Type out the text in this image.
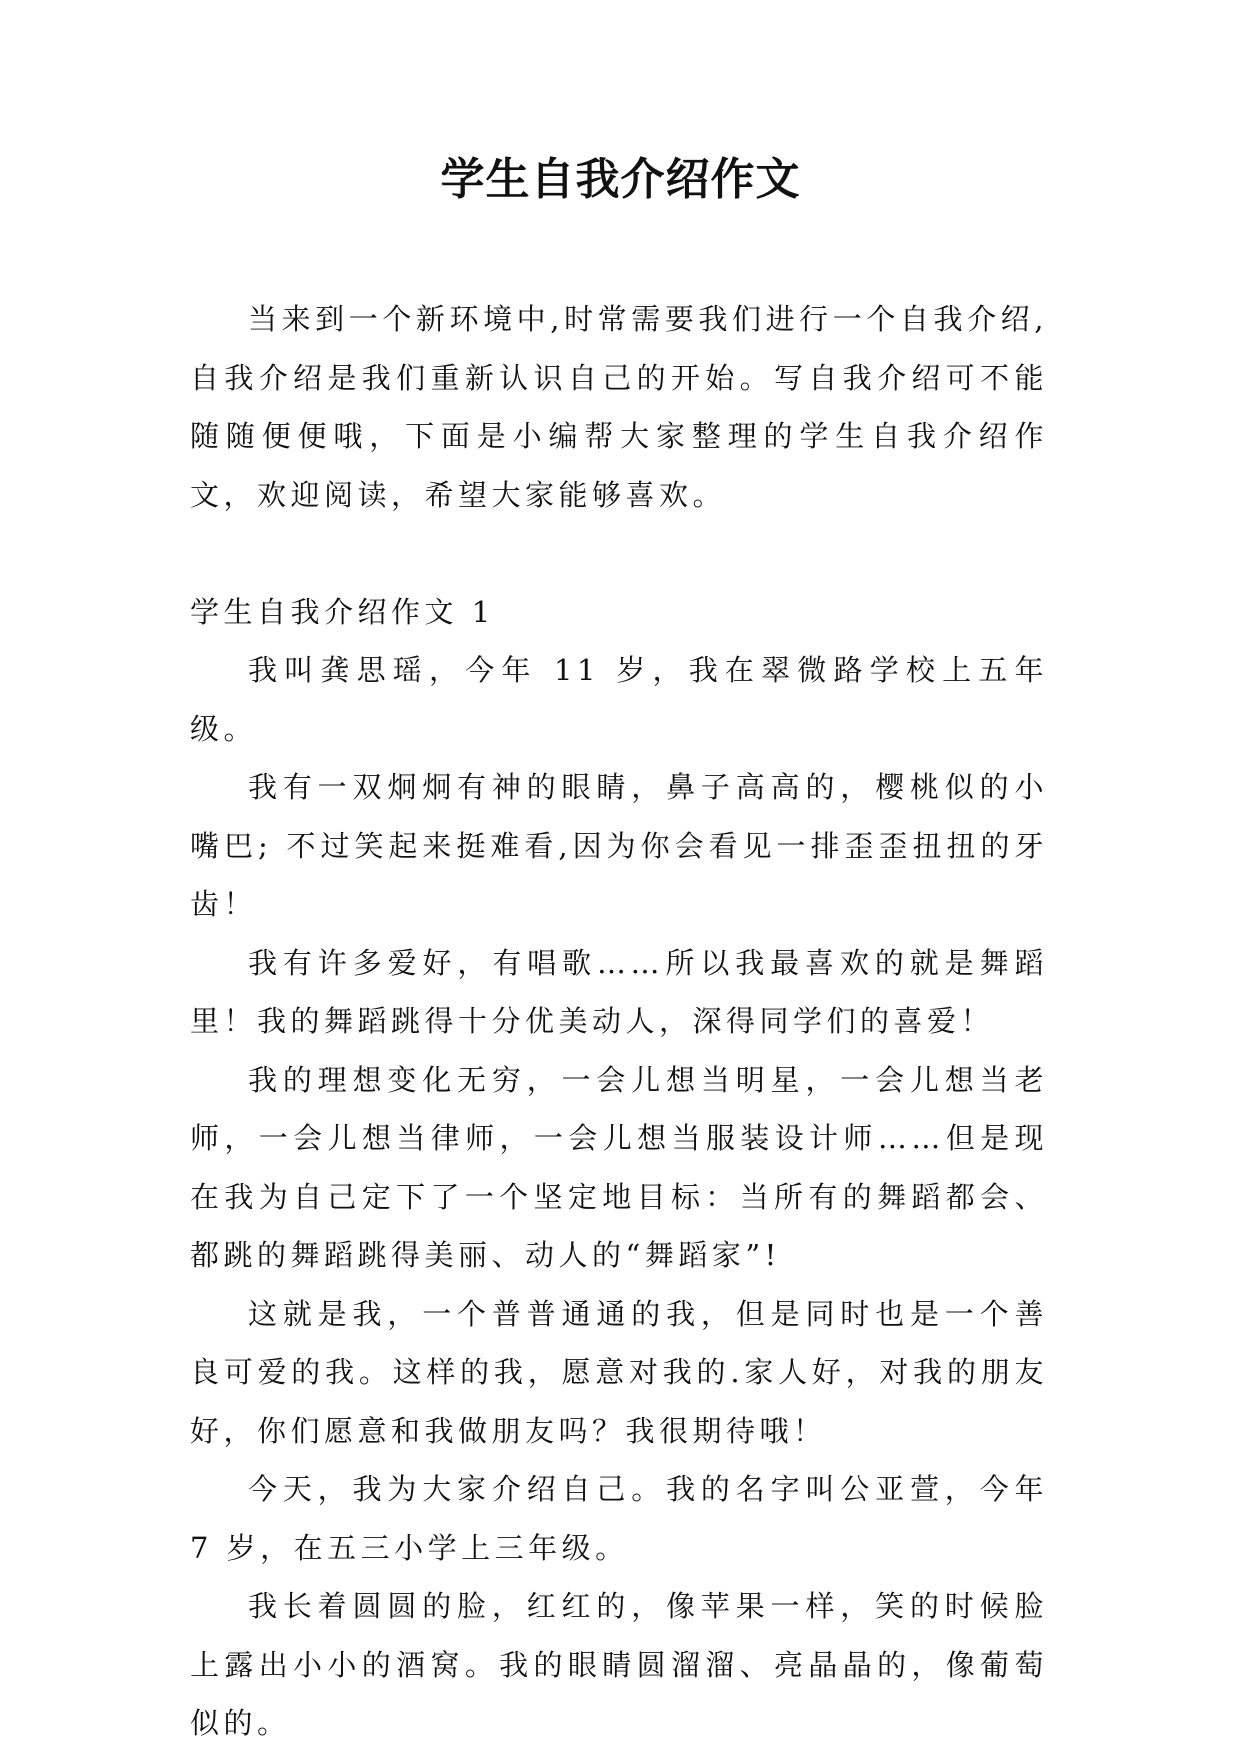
学生自我介绍作文

当来到一个新环境中,时常需要我们进行一个自我介绍,自我介绍是我们重新认识自己的开始。写自我介绍可不能随随便便哦，下面是小编帮大家整理的学生自我介绍作文，欢迎阅读，希望大家能够喜欢。

学生自我介绍作文 1

我叫龚思瑶，今年 11 岁，我在翠微路学校上五年级。

我有一双炯炯有神的眼睛，鼻子高高的，樱桃似的小嘴巴; 不过笑起来挺难看,因为你会看见一排歪歪扭扭的牙齿！

我有许多爱好，有唱歌……所以我最喜欢的就是舞蹈里！我的舞蹈跳得十分优美动人，深得同学们的喜爱！

我的理想变化无穷，一会儿想当明星，一会儿想当老师，一会儿想当律师，一会儿想当服装设计师……但是现在我为自己定下了一个坚定地目标：当所有的舞蹈都会、都跳的舞蹈跳得美丽、动人的“舞蹈家”!

这就是我，一个普普通通的我，但是同时也是一个善良可爱的我。这样的我，愿意对我的.家人好，对我的朋友好，你们愿意和我做朋友吗？我很期待哦！

今天，我为大家介绍自己。我的名字叫公亚萱，今年 7 岁，在五三小学上三年级。

我长着圆圆的脸，红红的，像苹果一样，笑的时候脸上露出小小的酒窝。我的眼睛圆溜溜、亮晶晶的，像葡萄似的。
